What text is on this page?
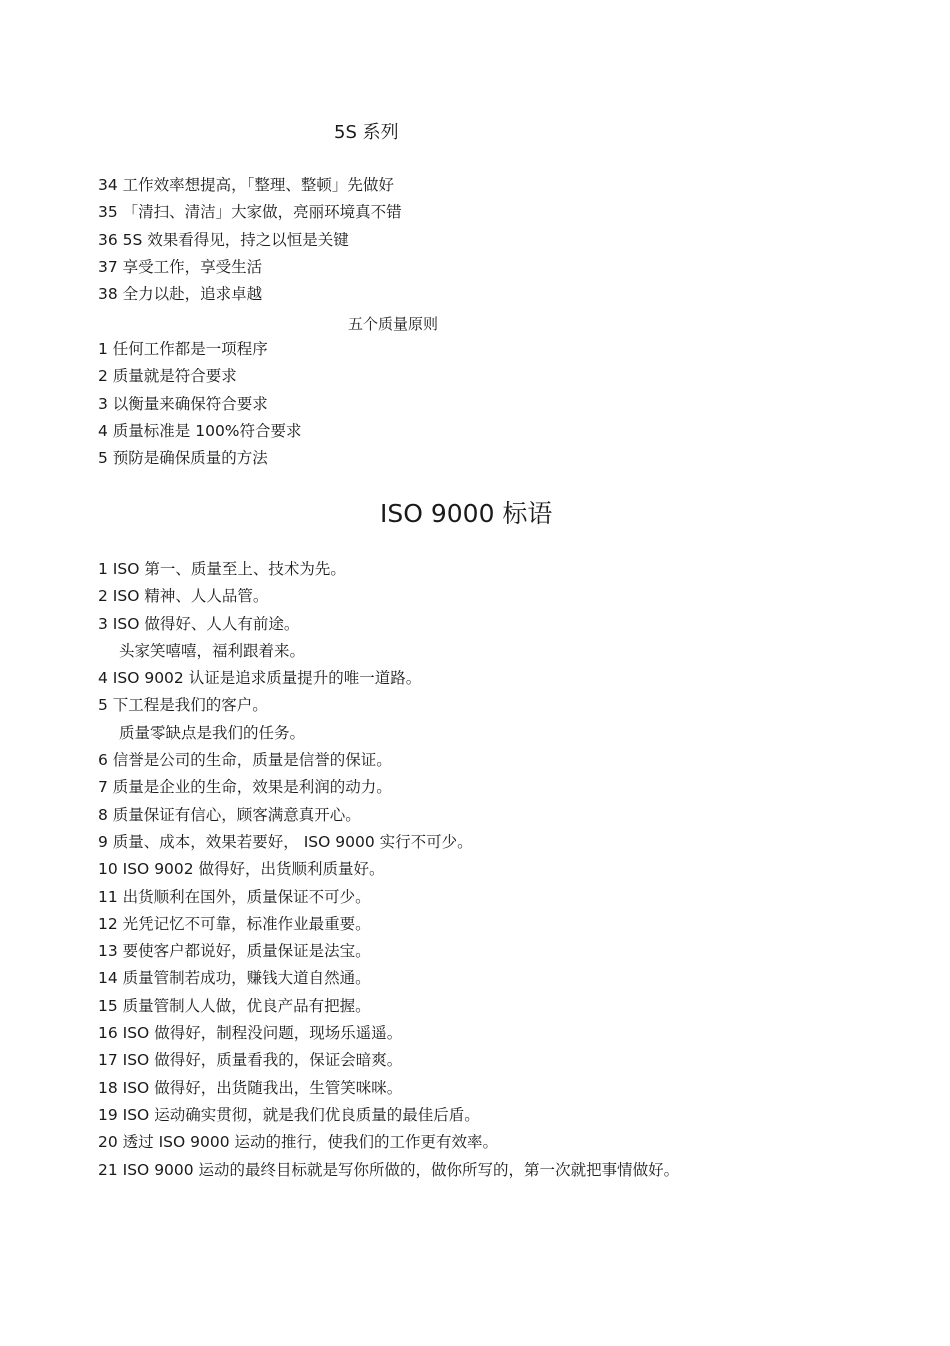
5S 系列
34 工作效率想提高，「整理、整顿」先做好
35 「清扫、清洁」大家做，亮丽环境真不错
36 5S 效果看得见，持之以恒是关键
37 享受工作，享受生活
38 全力以赴，追求卓越
五个质量原则
1 任何工作都是一项程序
2 质量就是符合要求
3 以衡量来确保符合要求
4 质量标准是 100%符合要求
5 预防是确保质量的方法
ISO 9000 标语
1 ISO 第一、质量至上、技术为先。
2 ISO 精神、人人品管。
3 ISO 做得好、人人有前途。
头家笑嘻嘻，福利跟着来。
4 ISO 9002 认证是追求质量提升的唯一道路。
5 下工程是我们的客户。
质量零缺点是我们的任务。
6 信誉是公司的生命，质量是信誉的保证。
7 质量是企业的生命，效果是利润的动力。
8 质量保证有信心，顾客满意真开心。
9 质量、成本，效果若要好， ISO 9000 实行不可少。
10 ISO 9002 做得好，出货顺利质量好。
11 出货顺利在国外，质量保证不可少。
12 光凭记忆不可靠，标准作业最重要。
13 要使客户都说好，质量保证是法宝。
14 质量管制若成功，赚钱大道自然通。
15 质量管制人人做，优良产品有把握。
16 ISO 做得好，制程没问题，现场乐遥遥。
17 ISO 做得好，质量看我的，保证会暗爽。
18 ISO 做得好，出货随我出，生管笑咪咪。
19 ISO 运动确实贯彻，就是我们优良质量的最佳后盾。
20 透过 ISO 9000 运动的推行，使我们的工作更有效率。
21 ISO 9000 运动的最终目标就是写你所做的，做你所写的，第一次就把事情做好。
